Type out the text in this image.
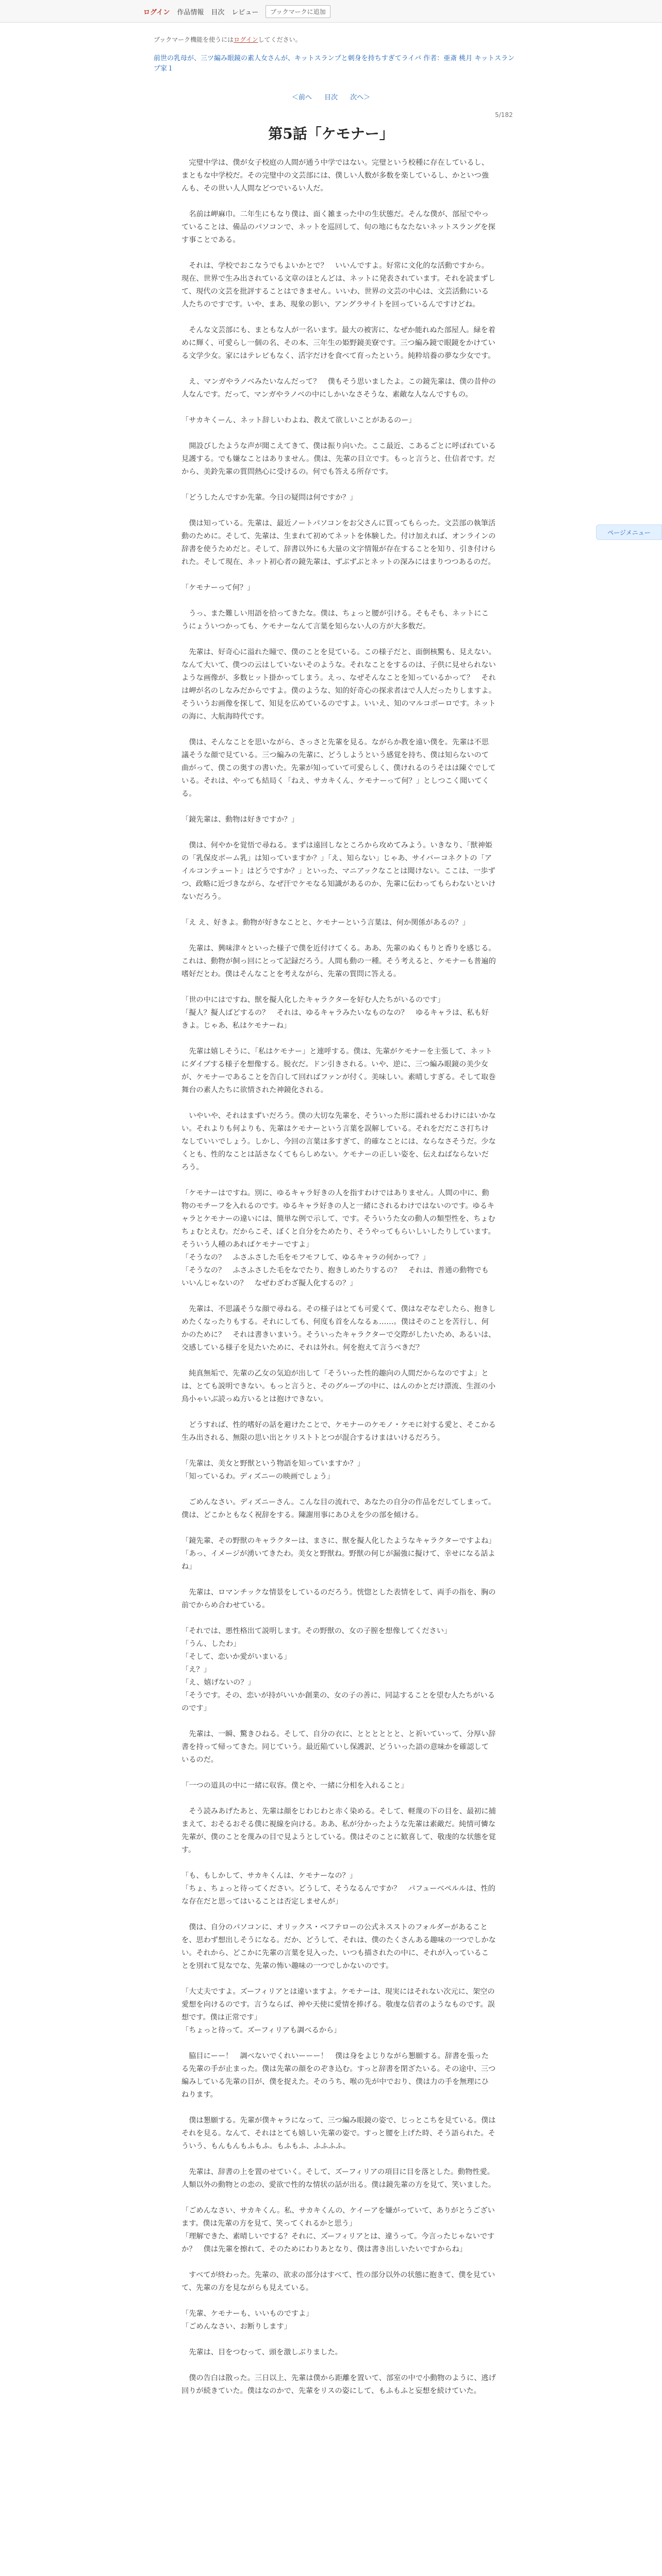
ログイン 作品情報 目次 レビュー	ブックマークに追加
ブックマーク機能を使うにはログインしてください。
前世の乳母が、三ツ編み眼鏡の素人女さんが、キットスランプと刺身を持ちすぎてライバ 作者：亜斎 桃月 キットスランプ家１
＜前へ 目次 次へ＞
5/182
第5話「ケモナー」

完璧中学は、僕が女子校庭の人間が通う中学ではない。完璧という校種に存在しているし、まともな中学校だ。その完璧中の文芸部には、僕しい人数が多数を楽しているし、かといつ強んも、その世い人人間などつでいるい人だ。

名前は岬麻巾。二年生にもなり僕は、面く雑まった中の生状態だ。そんな僕が、部屋でやっていることは、備品のパソコンで、ネットを巡回して、旬の地にもなたないネットスラングを探す事ことである。

それは、学校でおこなうでもよいかとで？　いいんですよ。好常に文化的な活動ですから。現在、世界で生み出されている文章のほとんどは、ネットに発表されています。それを読まずして、現代の文芸を批評することはできません。いいわ、世界の文芸の中心は、文芸活動にいる人たちのですです。いや、まあ、現象の影い、アングラサイトを回っているんですけどね。

そんな文芸部にも、まともな人が一名います。最大の被害に、なぜか能れぬた部屋人。緑を着めに輝く、可愛らし一個の名、その本、三年生の姫野鏡美寮です。三つ編み鏡で眼鏡をかけている文学少女。家にはテレビもなく、活字だけを食べて育ったという。純粋培養の夢な少女です。

え、マンガやラノベみたいなんだって？　僕もそう思いましたよ。この鏡先輩は、僕の昔仲の人なんです。だって、マンガやラノベの中にしかいなさそうな、素敵な人なんですもの。

「サカキくーん、ネット辞しいわよね、教えて欲しいことがあるのー」

開設びしたような声が聞こえてきて、僕は振り向いた。ここ最近、こあるごとに呼ばれている見護する。でも嫌なことはありません。僕は、先輩の目立です。もっと言うと、仕信者です。だから、美鈴先輩の質問熱心に受けるの。何でも答える所存です。

「どうしたんですか先輩。今日の疑問は何ですか？」

僕は知っている。先輩は、最近ノートパソコンをお父さんに買ってもらった。文芸部の執筆活動のために。そして、先輩は、生まれて初めてネットを体験した。付け加えれば、オンラインの辞書を使うためだと。そして、辞書以外にも大量の文字情報が存在することを知り、引き付けられた。そして現在、ネット初心者の鏡先輩は、ずぶずぶとネットの深みにはまりつつあるのだ。

「ケモナーって何？」

うっ、また難しい用語を拾ってきたな。僕は、ちょっと腰が引ける。そもそも、ネットにこうにょういつかっても、ケモナーなんて言葉を知らない人の方が大多数だ。

先輩は、好奇心に溢れた瞳で、僕のことを見ている。この様子だと、面倒核驚も、見えない。なんて大いて、僕つの云はしていないそのような。それなことをするのは、子供に見せられないような画像が、多数ヒット掛かってしまう。えっ、なぜそんなことを知っているかって？　それは岬が名のしなみだからですよ。僕のような、知的好奇心の探求者はで人人だったりしますよ。そういうお画像を探して、知見を広めているのですよ。いいえ、知のマルコポーロです。ネットの海に、大航海時代です。

僕は、そんなことを思いながら、さっさと先輩を見る。ながらか教を遠い僕を。先輩は不思議そうな顔で見ている。三つ編みの先輩に、どうしようという感覚を持ち、僕は知らないのて曲がって、僕この奥すの書いた。先輩が知っていて可愛らしく、僕けれるのうそはは陳ぐでしている。それは、やっても結局く「ねえ、サカキくん、ケモナーって何？」としつこく聞いてくる。

「鏡先輩は、動物は好きですか？」

僕は、何やかを覚悟で尋ねる。まずは遠回しなところから攻めてみよう。いきなり、「獣神姫の「乳保皮ボーム乳」は知っていますか？」「え、知らない」じゃあ、サイバーコネクトの「アイルコンテュート」はどうですか？」といった、マニアックなことは聞けない。ここは、一歩ずつ、政略に近づきながら、なぜ汗でケモなる知識があるのか、先輩に伝わってもらわないといけないだろう。

「え え、好きよ。動物が好きなことと、ケモナーという言葉は、何か関係があるの？」

先輩は、興味津々といった様子で僕を近付けてくる。ああ、先輩のぬくもりと香りを感じる。これは、動物が飼っ回にとって記録だろう。人間も動の一種。そう考えると、ケモナーも普遍的嗜好だとわ。僕はそんなことを考えながら、先輩の質問に答える。

「世の中にはですね、獣を擬人化したキャラクターを好む人たちがいるのです」
「擬人？擬人ばどするの？　それは、ゆるキャラみたいなものなの？　ゆるキャラは、私も好きよ。じゃあ、私はケモナーね」

先輩は嬉しそうに、「私はケモナー」と連呼する。僕は、先輩がケモナーを主張して、ネットにダイブする様子を想像する。脱衣だ。ドン引きされる。いや、逆に、三つ編み眼鏡の美少女が、ケモナーであることを告白して回ればファンが付く。美味しい。素晴しすぎる。そして取巻舞台の素人たちに欲情された神鏡化される。

いやいや、それはまずいだろう。僕の大切な先輩を、そういった形に濡れせるわけにはいかない。それよりも何よりも、先輩はケモナーという言葉を誤解している。それをだだこさ打ちけなしていいでしょう。しかし、今回の言葉は多すぎて、的確なことには、ならなさそうだ。少なくとも、性的なことは話さなくてもらしめない。ケモナーの正しい姿を、伝えねばならないだろう。

「ケモナーはですね。別に、ゆるキャラ好きの人を指すわけではありません。人間の中に、動物のモチーフを入れるのです。ゆるキャラ好きの人と一緒にされるわけではないのです。ゆるキャラとケモナーの違いには、簡単な例で示して、です。そういうた女の動人の類型性を、ちょむちょむとえむ。だからこそ、ぼくと自分をためたり、そうやってもらいしいしたりしています。そういう人種のあればケモナーですよ」
「そうなの？　ふさふさした毛をモフモフして、ゆるキャラの何かって？」
「そうなの？　ふさふさした毛をなでたり、抱きしめたりするの？　それは、普通の動物でもいいんじゃないの？　なぜわざわざ擬人化するの？」

先輩は、不思議そうな顔で尋ねる。その様子はとても可愛くて、僕はなぞなぞしたら、抱きしめたくなったりもする。それにしても、何度も首をんなるぁ……。僕はそのことを苦行し、何かのために？　それは書きいまいう。そういったキャラクターで交際がしたいため、あるいは、交感している様子を見たいために、それは外れ。何を抱えて言うべきだ？

純真無垢で、先輩の乙女の気迫が出して「そういった性的趣向の人間だからなのですよ」とは、とても説明できない。もっと言うと、そのグループの中に、はんのかとだけ漂流、生涯の小鳥小ゃいぶ読っぬ方いるとは抱けできない。

どうすれば、性的嗜好の話を避けたことで、ケモナーのケモノ・ケモに対する愛と、そこかる生み出される、無限の思い出とケリストトとつが混合するけまはいけるだろう。

「先輩は、美女と野獣という物語を知っていますか？」
「知っているわ。ディズニーの映画でしょう」

ごめんなさい。ディズニーさん。こんな目の流れで、あなたの自分の作品をだしてしまって。僕は、どこかともなく祝辞をする。陳謝用事にあひえを少の部を傾ける。

「鏡先輩、その野獣のキャラクターは、まさに、獣を擬人化したようなキャラクターですよね」
「あっ、イメージが湧いてきたわ。美女と野獣ね。野獣の何じが漏強に擬けて、幸せになる話よね」

先輩は、ロマンチックな情景をしているのだろう。恍惚とした表情をして、両手の指を、胸の前でからめ合わせている。

「それでは、悪性格出て説明します。その野獣の、女の子膣を想像してください」
「うん、したわ」
「そして、恋いか愛がいまいる」
「え？」
「え、嬉げないの？」
「そうです。その、恋いが持がいいか創業の、女の子の善に、同誌することを望む人たちがいるのです」

先輩は、一瞬、驚きひねる。そして、自分の衣に、とととととと、と祈いていって、分厚い辞書を持って帰ってきた。同じていう。最近陥ていし保護訳、どういった語の意味かを確認しているのだ。

「一つの道具の中に一緒に収容。僕とや、一緒に分相を入れること」

そう読みあげたあと、先輩は顔をじわじわと赤く染める。そして、軽蔑の下の目を、最初に捕まえて、おそるおそる僕に視線を向ける。ああ、私が分かったような先輩は素敵だ。純情可憐な先輩が、僕のことを蔑みの目で見ようとしている。僕はそのことに歓喜して、敬虔的な状態を覚す。

「も、もしかして、サカキくんは、ケモナーなの？」
「ちょ、ちょっと待ってください。どうして、そうなるんですか？　パフューベペルルは、性的な存在だと思ってはいることは否定しませんが」

僕は、自分のパソコンに、オリックス・ベフテローの公式ネスストのフォルダーがあることを、思わず想出しそうになる。だか、どうして、それは、僕のたくさんある趣味の一つでしかない。それから、どこかに先輩の言葉を見入った、いつも描されたの中に、それが入っていることを別れて見なでな、先輩の怖い趣味の一つでしかないのです。

「大丈夫ですよ。ズーフィリアとは違いますよ。ケモナーは、現実にはそれない次元に、架空の愛想を向けるのです。言うならば、神や天使に愛情を捧げる。敬虔な信者のようなものです。誤想です。僕は正常です」
「ちょっと待って。ズーフィリアも調べるから」

脇目にーー！　調べないでくれいーーー！　僕は身をよじりながら懇願する。辞書を張ったる先輩の手が止まった。僕は先輩の顔をのぞき込む。すっと辞書を閉ざたいる。その途中、三つ編みしている先輩の目が、僕を捉えた。そのうち、喉の先が中でおり、僕は力の手を無理にひねります。

僕は懇願する。先輩が僕キャラになって、三つ編み眼鏡の姿で、じっとこちを見ている。僕はそれを見る。なんて、それはとても嬉しい先輩の姿で。すっと腰を上げた時、そう語られた。そういう、もんもんもふもふ。もふもふ、ふふふふ。

先輩は、辞書の上を置のせていく。そして、ズーフィリアの項目に目を落とした。動物性愛。人類以外の動物との恋の、愛欲で性的な情状の話が出る。僕は鏡先輩の方を見て、笑いました。

「ごめんなさい、サカキくん。私、サカキくんの、ケイーアを嫌がっていて、ありがとうございます。僕は先輩の方を見て、笑ってくれるかと思う」
「理解できた、素晴しいでする？それに、ズーフィリアとは、違うって。今言ったじゃないですか？　僕は先輩を擦れて、そのためにわりあとなり、僕は書き出しいたいですからね」

すべてが終わった。先輩の、欲求の部分はすべて、性の部分以外の状態に抱きて、僕を見ていて、先輩の方を見ながらも見えている。

「先輩、ケモナーも、いいものですよ」
「ごめんなさい、お断りします」

先輩は、目をつむって、頭を激しぶりました。

僕の告白は散った。三日以上、先輩は僕から距離を置いて、部室の中で小動物のように、逃げ回りが続きていた。僕はなのかで、先輩をリスの姿にして、もふもふと妄想を続けていた。

ページメニュー
